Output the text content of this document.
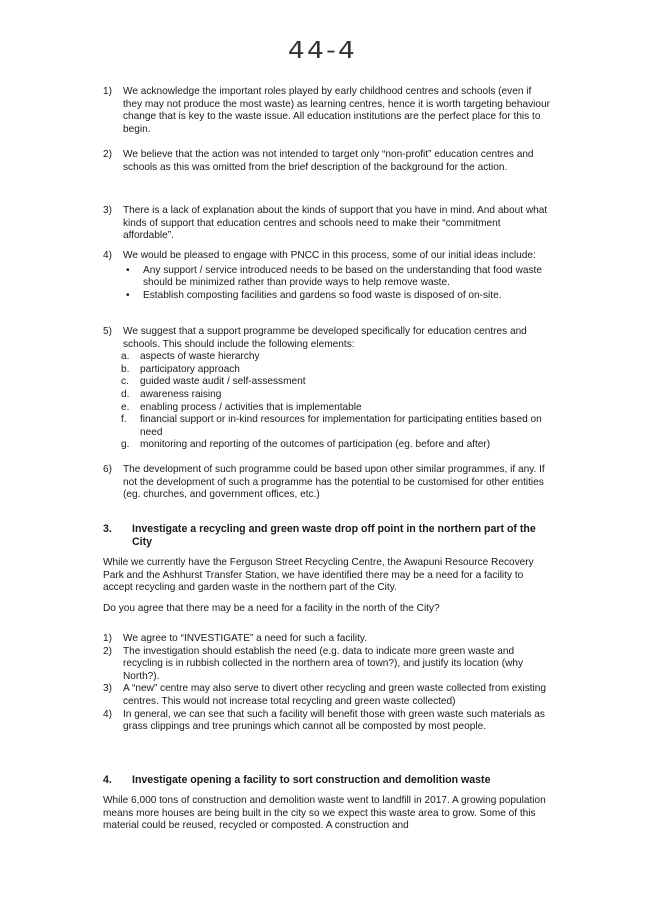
44-4
1) We acknowledge the important roles played by early childhood centres and schools (even if they may not produce the most waste) as learning centres, hence it is worth targeting behaviour change that is key to the waste issue. All education institutions are the perfect place for this to begin.
2) We believe that the action was not intended to target only “non-profit” education centres and schools as this was omitted from the brief description of the background for the action.
3) There is a lack of explanation about the kinds of support that you have in mind. And about what kinds of support that education centres and schools need to make their “commitment affordable”.
4) We would be pleased to engage with PNCC in this process, some of our initial ideas include:
• Any support / service introduced needs to be based on the understanding that food waste should be minimized rather than provide ways to help remove waste.
• Establish composting facilities and gardens so food waste is disposed of on-site.
5) We suggest that a support programme be developed specifically for education centres and schools. This should include the following elements:
a. aspects of waste hierarchy
b. participatory approach
c. guided waste audit / self-assessment
d. awareness raising
e. enabling process / activities that is implementable
f. financial support or in-kind resources for implementation for participating entities based on need
g. monitoring and reporting of the outcomes of participation (eg. before and after)
6) The development of such programme could be based upon other similar programmes, if any. If not the development of such a programme has the potential to be customised for other entities (eg. churches, and government offices, etc.)
3.	Investigate a recycling and green waste drop off point in the northern part of the City
While we currently have the Ferguson Street Recycling Centre, the Awapuni Resource Recovery Park and the Ashhurst Transfer Station, we have identified there may be a need for a facility to accept recycling and garden waste in the northern part of the City.
Do you agree that there may be a need for a facility in the north of the City?
1) We agree to “INVESTIGATE” a need for such a facility.
2) The investigation should establish the need (e.g. data to indicate more green waste and recycling is in rubbish collected in the northern area of town?), and justify its location (why North?).
3) A “new” centre may also serve to divert other recycling and green waste collected from existing centres. This would not increase total recycling and green waste collected)
4) In general, we can see that such a facility will benefit those with green waste such materials as grass clippings and tree prunings which cannot all be composted by most people.
4.	Investigate opening a facility to sort construction and demolition waste
While 6,000 tons of construction and demolition waste went to landfill in 2017. A growing population means more houses are being built in the city so we expect this waste area to grow. Some of this material could be reused, recycled or composted. A construction and
